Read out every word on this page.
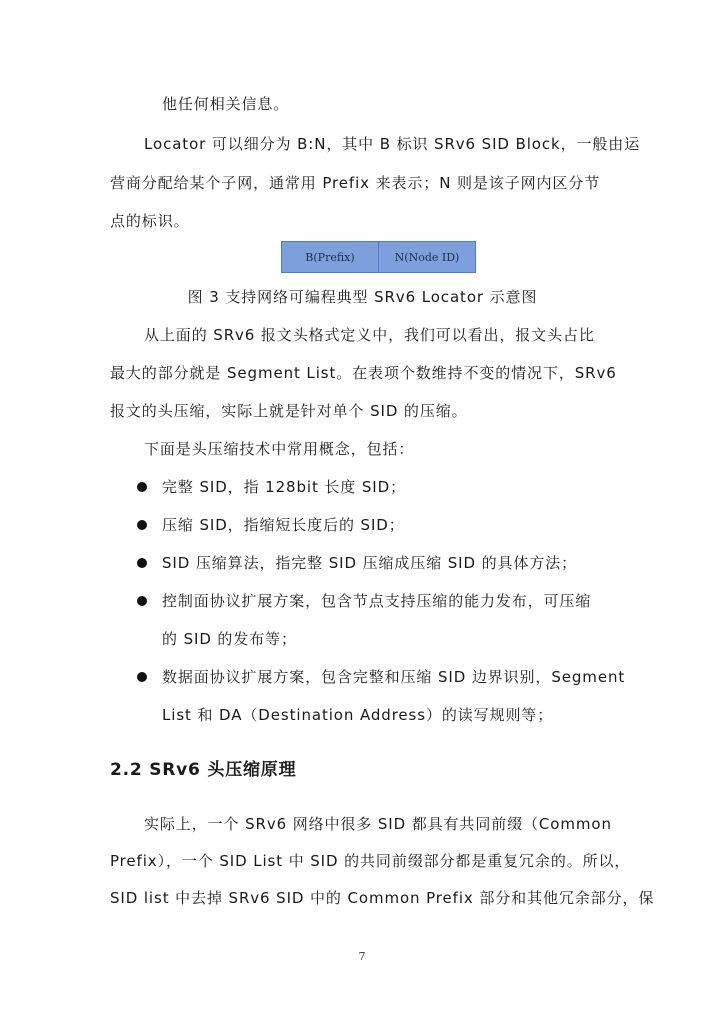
他任何相关信息。
Locator 可以细分为 B:N，其中 B 标识 SRv6 SID Block，一般由运
营商分配给某个子网，通常用 Prefix 来表示；N 则是该子网内区分节
点的标识。
B(Prefix)	N(Node ID)
图 3 支持网络可编程典型 SRv6 Locator 示意图
从上面的 SRv6 报文头格式定义中，我们可以看出，报文头占比
最大的部分就是 Segment List。在表项个数维持不变的情况下，SRv6
报文的头压缩，实际上就是针对单个 SID 的压缩。
下面是头压缩技术中常用概念，包括：
完整 SID，指 128bit 长度 SID；
压缩 SID，指缩短长度后的 SID；
SID 压缩算法，指完整 SID 压缩成压缩 SID 的具体方法；
控制面协议扩展方案，包含节点支持压缩的能力发布，可压缩
的 SID 的发布等；
数据面协议扩展方案，包含完整和压缩 SID 边界识别，Segment
List 和 DA（Destination Address）的读写规则等；
2.2 SRv6 头压缩原理
实际上，一个 SRv6 网络中很多 SID 都具有共同前缀（Common
Prefix），一个 SID List 中 SID 的共同前缀部分都是重复冗余的。所以，
SID list 中去掉 SRv6 SID 中的 Common Prefix 部分和其他冗余部分，保
7
